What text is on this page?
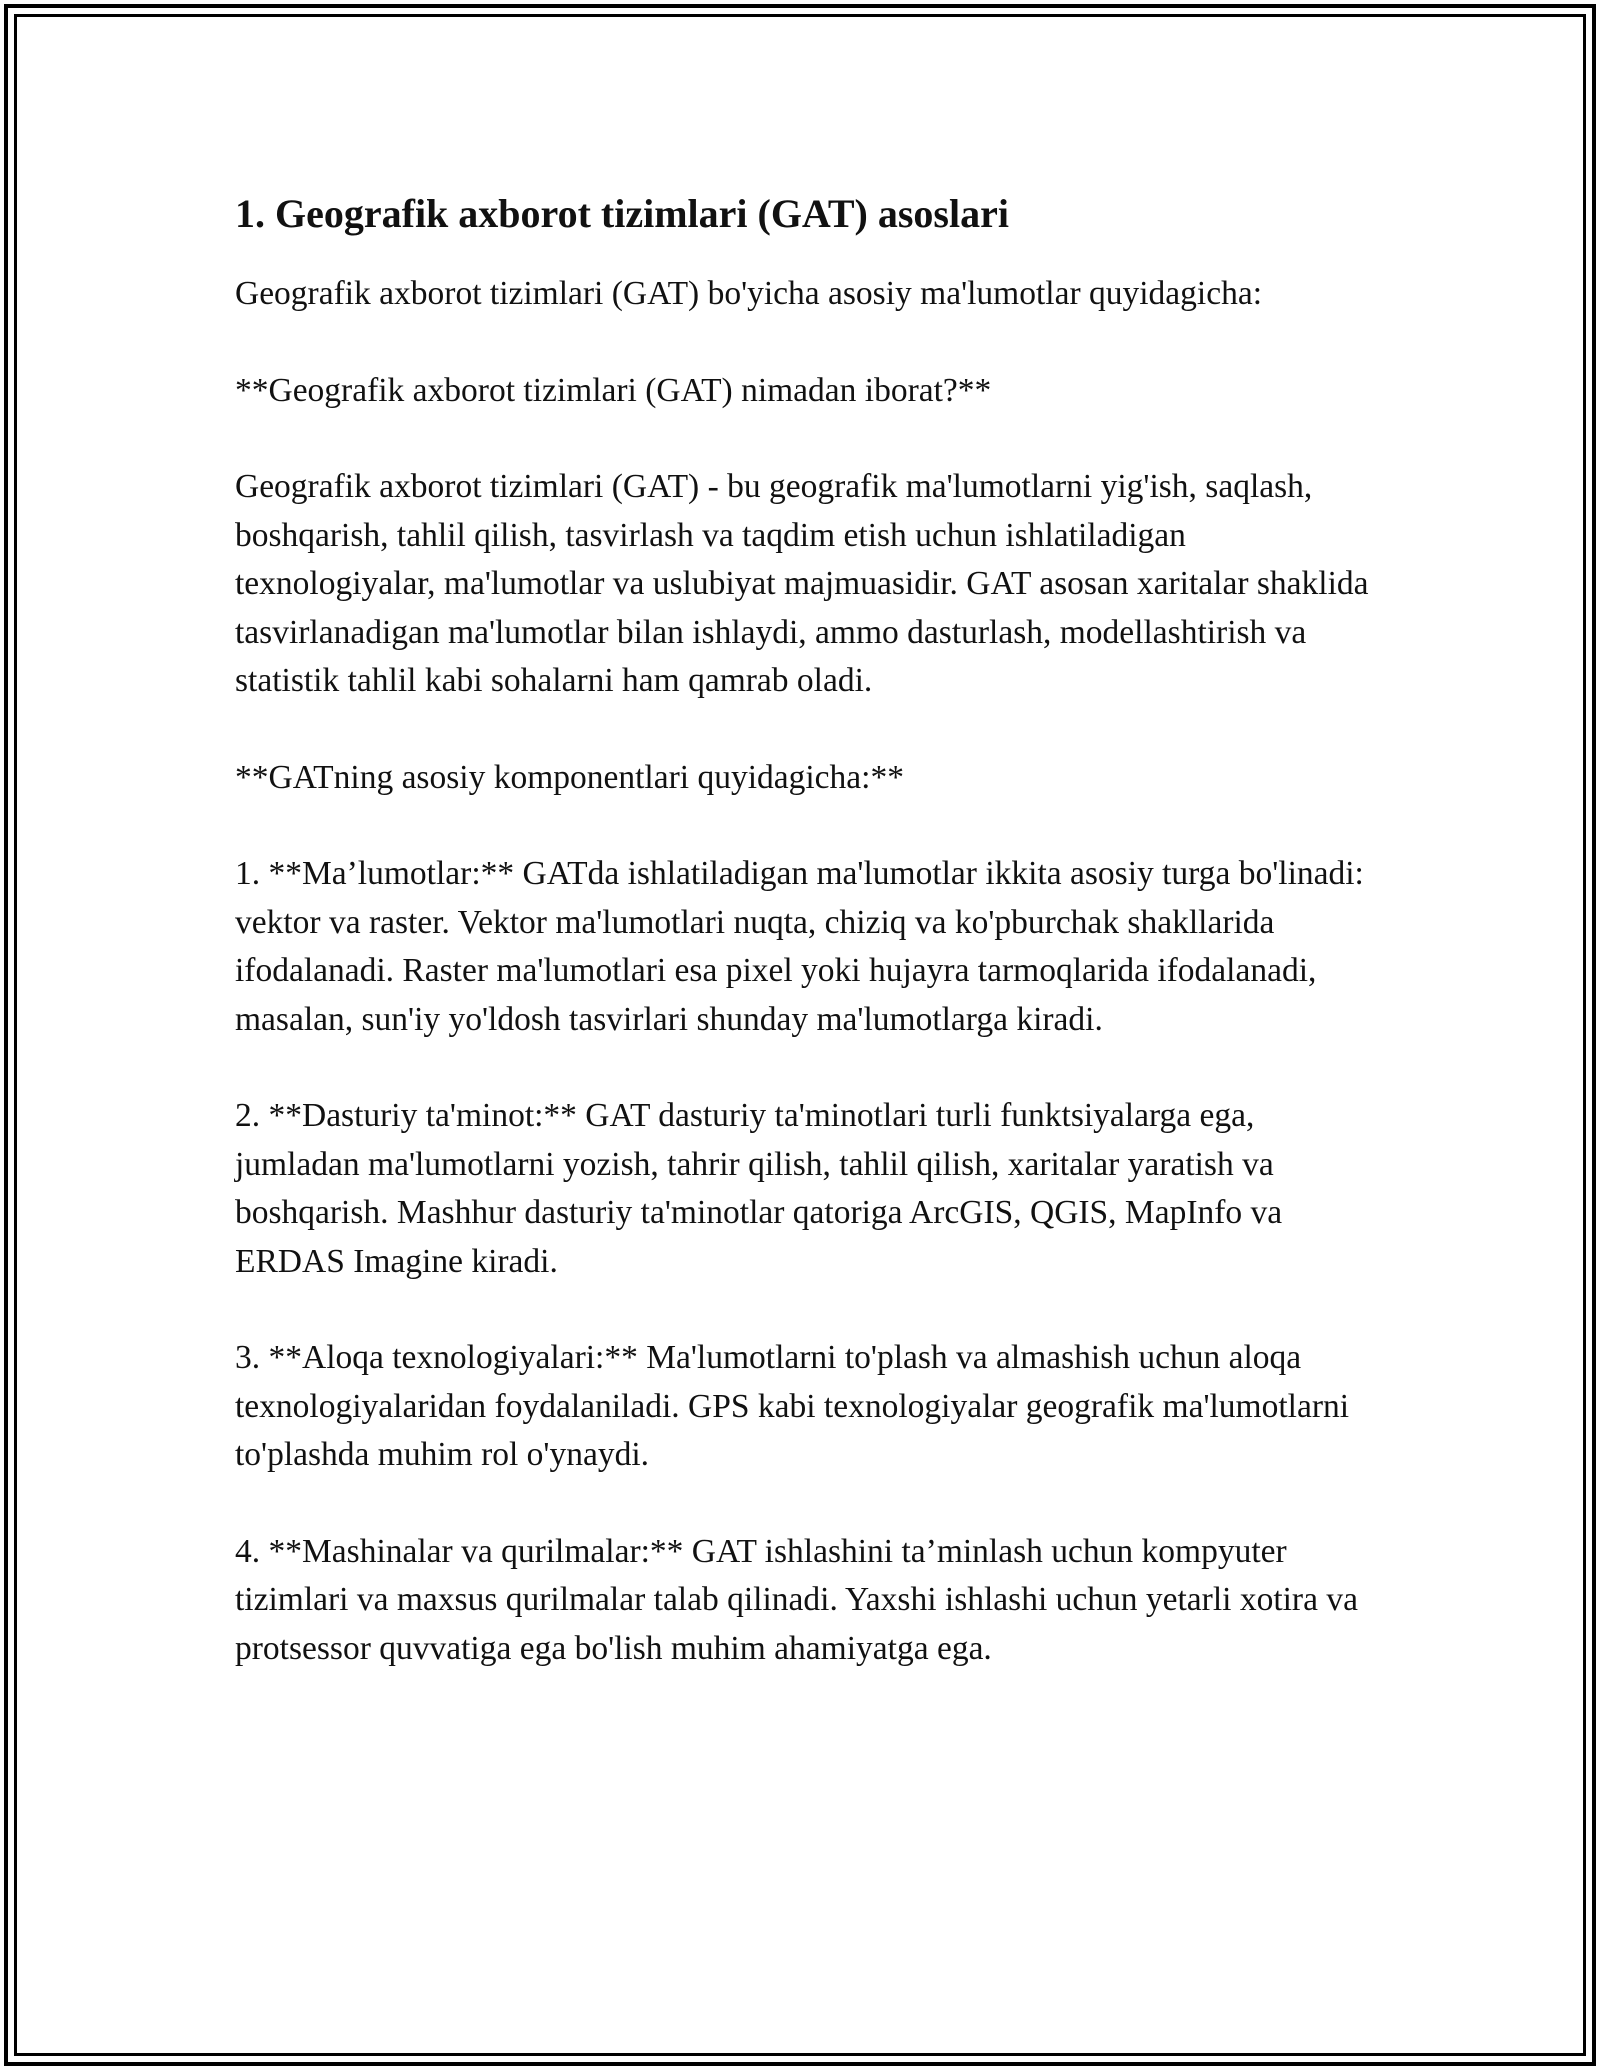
1. Geografik axborot tizimlari (GAT) asoslari

Geografik axborot tizimlari (GAT) bo'yicha asosiy ma'lumotlar quyidagicha:

**Geografik axborot tizimlari (GAT) nimadan iborat?**

Geografik axborot tizimlari (GAT) - bu geografik ma'lumotlarni yig'ish, saqlash, boshqarish, tahlil qilish, tasvirlash va taqdim etish uchun ishlatiladigan texnologiyalar, ma'lumotlar va uslubiyat majmuasidir. GAT asosan xaritalar shaklida tasvirlanadigan ma'lumotlar bilan ishlaydi, ammo dasturlash, modellashtirish va statistik tahlil kabi sohalarni ham qamrab oladi.

**GATning asosiy komponentlari quyidagicha:**

1. **Ma’lumotlar:** GATda ishlatiladigan ma'lumotlar ikkita asosiy turga bo'linadi: vektor va raster. Vektor ma'lumotlari nuqta, chiziq va ko'pburchak shakllarida ifodalanadi. Raster ma'lumotlari esa pixel yoki hujayra tarmoqlarida ifodalanadi, masalan, sun'iy yo'ldosh tasvirlari shunday ma'lumotlarga kiradi.

2. **Dasturiy ta'minot:** GAT dasturiy ta'minotlari turli funktsiyalarga ega, jumladan ma'lumotlarni yozish, tahrir qilish, tahlil qilish, xaritalar yaratish va boshqarish. Mashhur dasturiy ta'minotlar qatoriga ArcGIS, QGIS, MapInfo va ERDAS Imagine kiradi.

3. **Aloqa texnologiyalari:** Ma'lumotlarni to'plash va almashish uchun aloqa texnologiyalaridan foydalaniladi. GPS kabi texnologiyalar geografik ma'lumotlarni to'plashda muhim rol o'ynaydi.

4. **Mashinalar va qurilmalar:** GAT ishlashini ta’minlash uchun kompyuter tizimlari va maxsus qurilmalar talab qilinadi. Yaxshi ishlashi uchun yetarli xotira va protsessor quvvatiga ega bo'lish muhim ahamiyatga ega.
